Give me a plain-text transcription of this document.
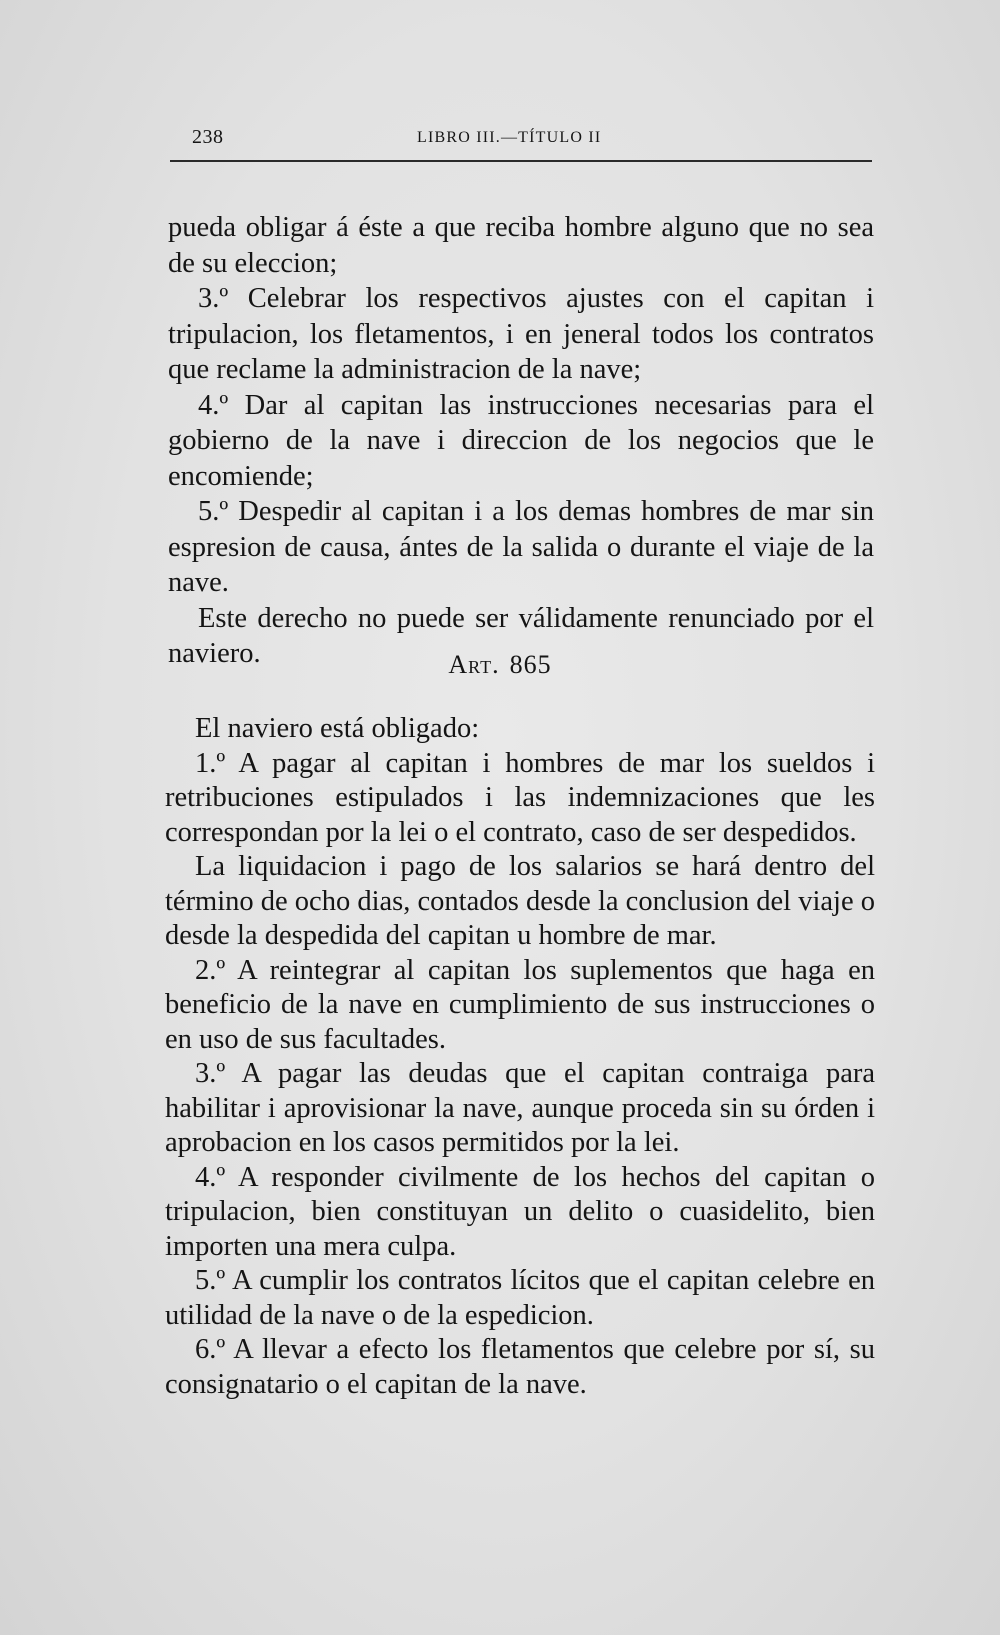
238	LIBRO III.—TÍTULO II

pueda obligar á éste a que reciba hombre alguno que no sea de su eleccion;

3.º Celebrar los respectivos ajustes con el capitan i tripulacion, los fletamentos, i en jeneral todos los contratos que reclame la administracion de la nave;

4.º Dar al capitan las instrucciones necesarias para el gobierno de la nave i direccion de los negocios que le encomiende;

5.º Despedir al capitan i a los demas hombres de mar sin espresion de causa, ántes de la salida o durante el viaje de la nave.

Este derecho no puede ser válidamente renunciado por el naviero.	Art. 865

El naviero está obligado:

1.º A pagar al capitan i hombres de mar los sueldos i retribuciones estipulados i las indemnizaciones que les correspondan por la lei o el contrato, caso de ser despedidos.

La liquidacion i pago de los salarios se hará dentro del término de ocho dias, contados desde la conclusion del viaje o desde la despedida del capitan u hombre de mar.

2.º A reintegrar al capitan los suplementos que haga en beneficio de la nave en cumplimiento de sus instrucciones o en uso de sus facultades.

3.º A pagar las deudas que el capitan contraiga para habilitar i aprovisionar la nave, aunque proceda sin su órden i aprobacion en los casos permitidos por la lei.

4.º A responder civilmente de los hechos del capitan o tripulacion, bien constituyan un delito o cuasidelito, bien importen una mera culpa.

5.º A cumplir los contratos lícitos que el capitan celebre en utilidad de la nave o de la espedicion.

6.º A llevar a efecto los fletamentos que celebre por sí, su consignatario o el capitan de la nave.
